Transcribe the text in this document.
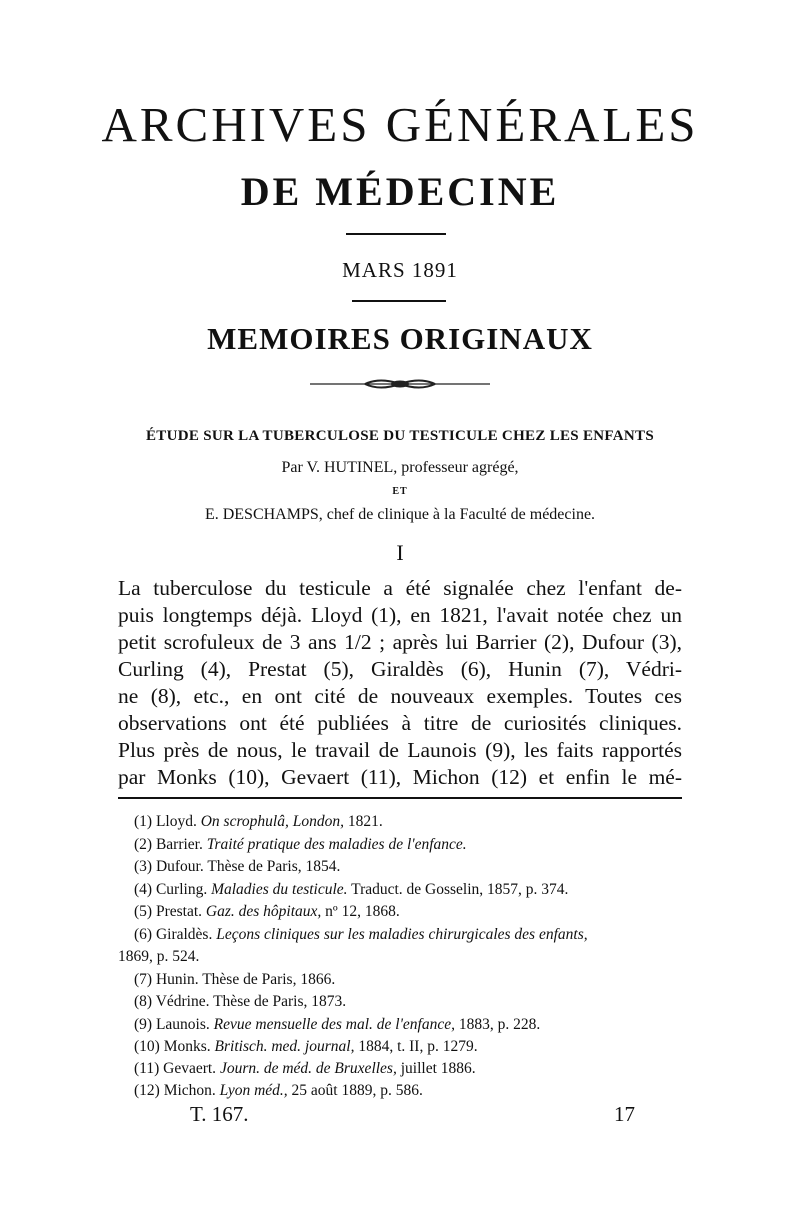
ARCHIVES GÉNÉRALES
DE MÉDECINE
MARS 1891
MEMOIRES ORIGINAUX
ÉTUDE SUR LA TUBERCULOSE DU TESTICULE CHEZ LES ENFANTS
Par V. HUTINEL, professeur agrégé,
ET
E. DESCHAMPS, chef de clinique à la Faculté de médecine.
I
La tuberculose du testicule a été signalée chez l'enfant de-
puis longtemps déjà. Lloyd (1), en 1821, l'avait notée chez un
petit scrofuleux de 3 ans 1/2 ; après lui Barrier (2), Dufour (3),
Curling (4), Prestat (5), Giraldès (6), Hunin (7), Védri-
ne (8), etc., en ont cité de nouveaux exemples. Toutes ces
observations ont été publiées à titre de curiosités cliniques.
Plus près de nous, le travail de Launois (9), les faits rapportés
par Monks (10), Gevaert (11), Michon (12) et enfin le mé-
(1) Lloyd. On scrophulâ, London, 1821.
(2) Barrier. Traité pratique des maladies de l'enfance.
(3) Dufour. Thèse de Paris, 1854.
(4) Curling. Maladies du testicule. Traduct. de Gosselin, 1857, p. 374.
(5) Prestat. Gaz. des hôpitaux, nº 12, 1868.
(6) Giraldès. Leçons cliniques sur les maladies chirurgicales des enfants,
1869, p. 524.
(7) Hunin. Thèse de Paris, 1866.
(8) Védrine. Thèse de Paris, 1873.
(9) Launois. Revue mensuelle des mal. de l'enfance, 1883, p. 228.
(10) Monks. Britisch. med. journal, 1884, t. II, p. 1279.
(11) Gevaert. Journ. de méd. de Bruxelles, juillet 1886.
(12) Michon. Lyon méd., 25 août 1889, p. 586.
T. 167.	17
